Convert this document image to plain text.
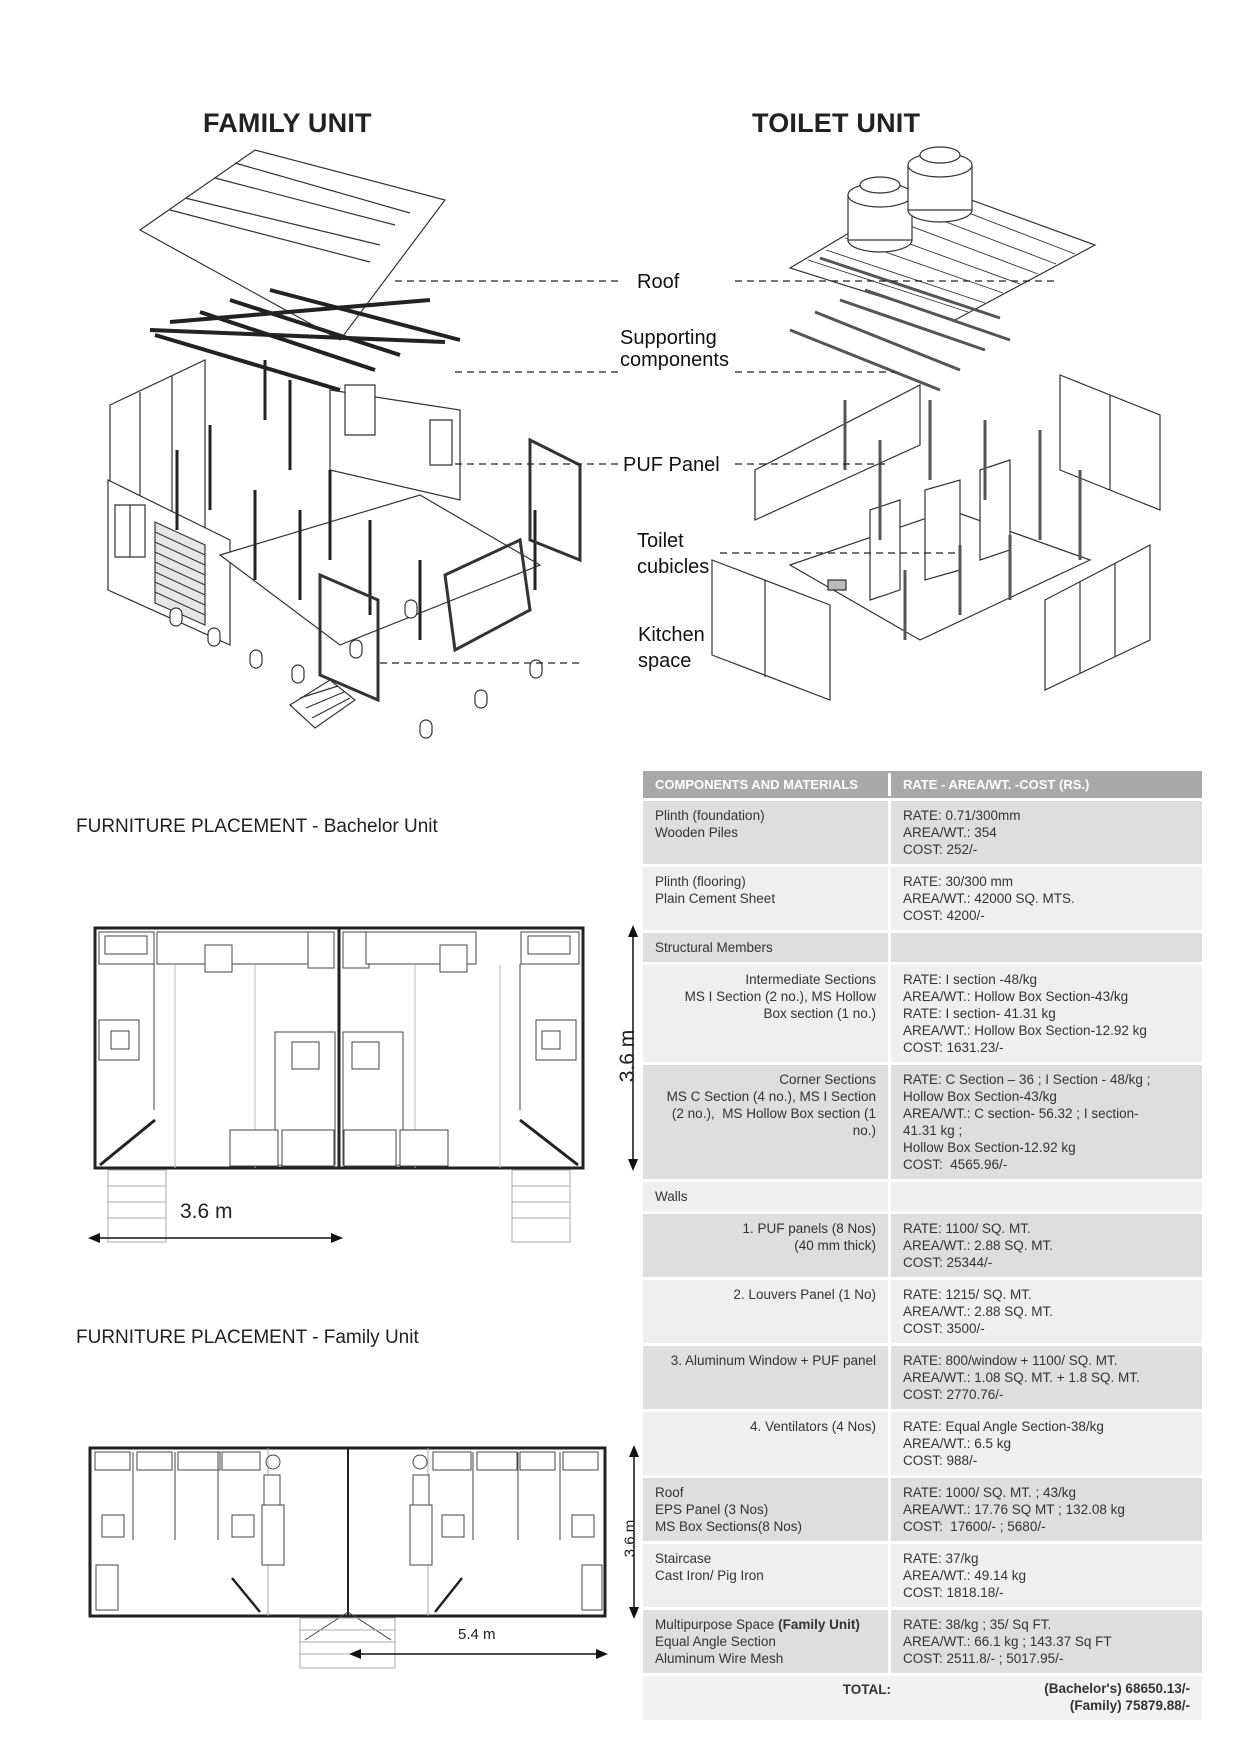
FAMILY UNIT	TOILET UNIT
Roof
Supporting
components
PUF Panel
Toilet
cubicles
Kitchen
space
FURNITURE PLACEMENT - Bachelor Unit
3.6 m
3.6 m
FURNITURE PLACEMENT - Family Unit
5.4 m
3.6 m
COMPONENTS AND MATERIALS	RATE - AREA/WT. -COST (RS.)
Plinth (foundation)
Wooden Piles
RATE: 0.71/300mm
AREA/WT.: 354
COST: 252/-
Plinth (flooring)
Plain Cement Sheet
RATE: 30/300 mm
AREA/WT.: 42000 SQ. MTS.
COST: 4200/-
Structural Members
Intermediate Sections
MS I Section (2 no.), MS Hollow
Box section (1 no.)
RATE: I section -48/kg
AREA/WT.: Hollow Box Section-43/kg
RATE: I section- 41.31 kg
AREA/WT.: Hollow Box Section-12.92 kg
COST: 1631.23/-
Corner Sections
MS C Section (4 no.), MS I Section
(2 no.),  MS Hollow Box section (1
no.)
RATE: C Section – 36 ; I Section - 48/kg ;
Hollow Box Section-43/kg
AREA/WT.: C section- 56.32 ; I section-
41.31 kg ;
Hollow Box Section-12.92 kg
COST:  4565.96/-
Walls
1. PUF panels (8 Nos)
(40 mm thick)
RATE: 1100/ SQ. MT.
AREA/WT.: 2.88 SQ. MT.
COST: 25344/-
2. Louvers Panel (1 No) RATE: 1215/ SQ. MT.
AREA/WT.: 2.88 SQ. MT.
COST: 3500/-
3. Aluminum Window + PUF panel RATE: 800/window + 1100/ SQ. MT.
AREA/WT.: 1.08 SQ. MT. + 1.8 SQ. MT.
COST: 2770.76/-
4. Ventilators (4 Nos) RATE: Equal Angle Section-38/kg
AREA/WT.: 6.5 kg
COST: 988/-
Roof
EPS Panel (3 Nos)
MS Box Sections(8 Nos)
RATE: 1000/ SQ. MT. ; 43/kg
AREA/WT.: 17.76 SQ MT ; 132.08 kg
COST:  17600/- ; 5680/-
Staircase
Cast Iron/ Pig Iron
RATE: 37/kg
AREA/WT.: 49.14 kg
COST: 1818.18/-
Multipurpose Space (Family Unit)
Equal Angle Section
Aluminum Wire Mesh
RATE: 38/kg ; 35/ Sq FT.
AREA/WT.: 66.1 kg ; 143.37 Sq FT
COST: 2511.8/- ; 5017.95/-
TOTAL:	(Bachelor's) 68650.13/-
(Family) 75879.88/-
